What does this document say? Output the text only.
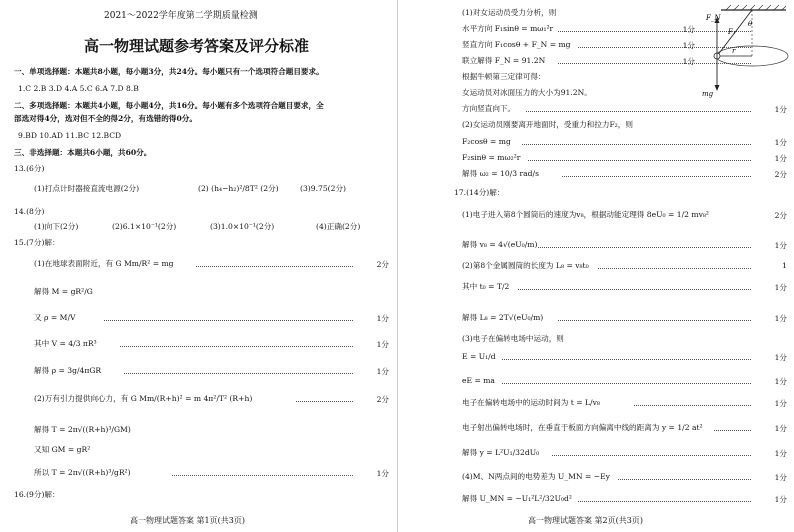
2021～2022学年度第二学期质量检测
高一物理试题参考答案及评分标准
一、单项选择题：本题共8小题，每小题3分，共24分。每小题只有一个选项符合题目要求。
1.C 2.B 3.D 4.A 5.C 6.A 7.D 8.B
二、多项选择题：本题共4小题，每小题4分，共16分。每小题有多个选项符合题目要求，全
部选对得4分，选对但不全的得2分，有选错的得0分。
9.BD 10.AD 11.BC 12.BCD
三、非选择题：本题共6小题，共60分。
13.(6分)
(1)打点计时器接直流电源(2分)	(2) (h₄−h₂)²/8T² (2分)	(3)9.75(2分)
14.(8分)
(1)向下(2分)	(2)6.1×10⁻¹(2分)	(3)1.0×10⁻¹(2分)	(4)正确(2分)
15.(7分)解：
(1)在地球表面附近，有 G Mm/R² = mg	2分
解得 M = gR²/G
又 ρ = M/V	1分
其中 V = 4/3 πR³	1分
解得 ρ = 3g/4πGR	1分
(2)万有引力提供向心力，有 G Mm/(R+h)² = m 4π²/T² (R+h)	2分
解得 T = 2π√((R+h)³/GM)
又知 GM = gR²
所以 T = 2π√((R+h)³/gR²)	1分
16.(9分)解：
高一物理试题答案 第1页(共3页)
(1)对女运动员受力分析，则
水平方向 F₁sinθ = mω₁²r	1分
竖直方向 F₁cosθ + F_N = mg	1分
联立解得 F_N = 91.2N	1分
根据牛顿第三定律可得：
女运动员对冰面压力的大小为91.2N。
方向竖直向下。	1分
(2)女运动员刚要离开地面时，受重力和拉力F₂，则
F₂cosθ = mg	1分
F₂sinθ = mω₂²r	1分
解得 ω₂ = 10/3 rad/s	2分
17.(14分)解：
(1)电子进入第8个圆筒后的速度为v₈，根据动能定理得 8eU₀ = 1/2 mv₈²	2分
解得 v₈ = 4√(eU₀/m)	1分
(2)第8个金属圆筒的长度为 L₈ = v₈t₀	1
其中 t₀ = T/2	1分
解得 L₈ = 2T√(eU₀/m)	1分
(3)电子在偏转电场中运动，则
E = U₁/d	1分
eE = ma	1分
电子在偏转电场中的运动时间为 t = L/v₈	1分
电子射出偏转电场时，在垂直于板面方向偏离中线的距离为 y = 1/2 at²	1分
解得 y = L²U₁/32dU₀	1分
(4)M、N两点间的电势差为 U_MN = −Ey	1分
解得 U_MN = −U₁²L²/32U₀d²	1分
高一物理试题答案 第2页(共3页)
F_N
F₁
θ
r
mg
